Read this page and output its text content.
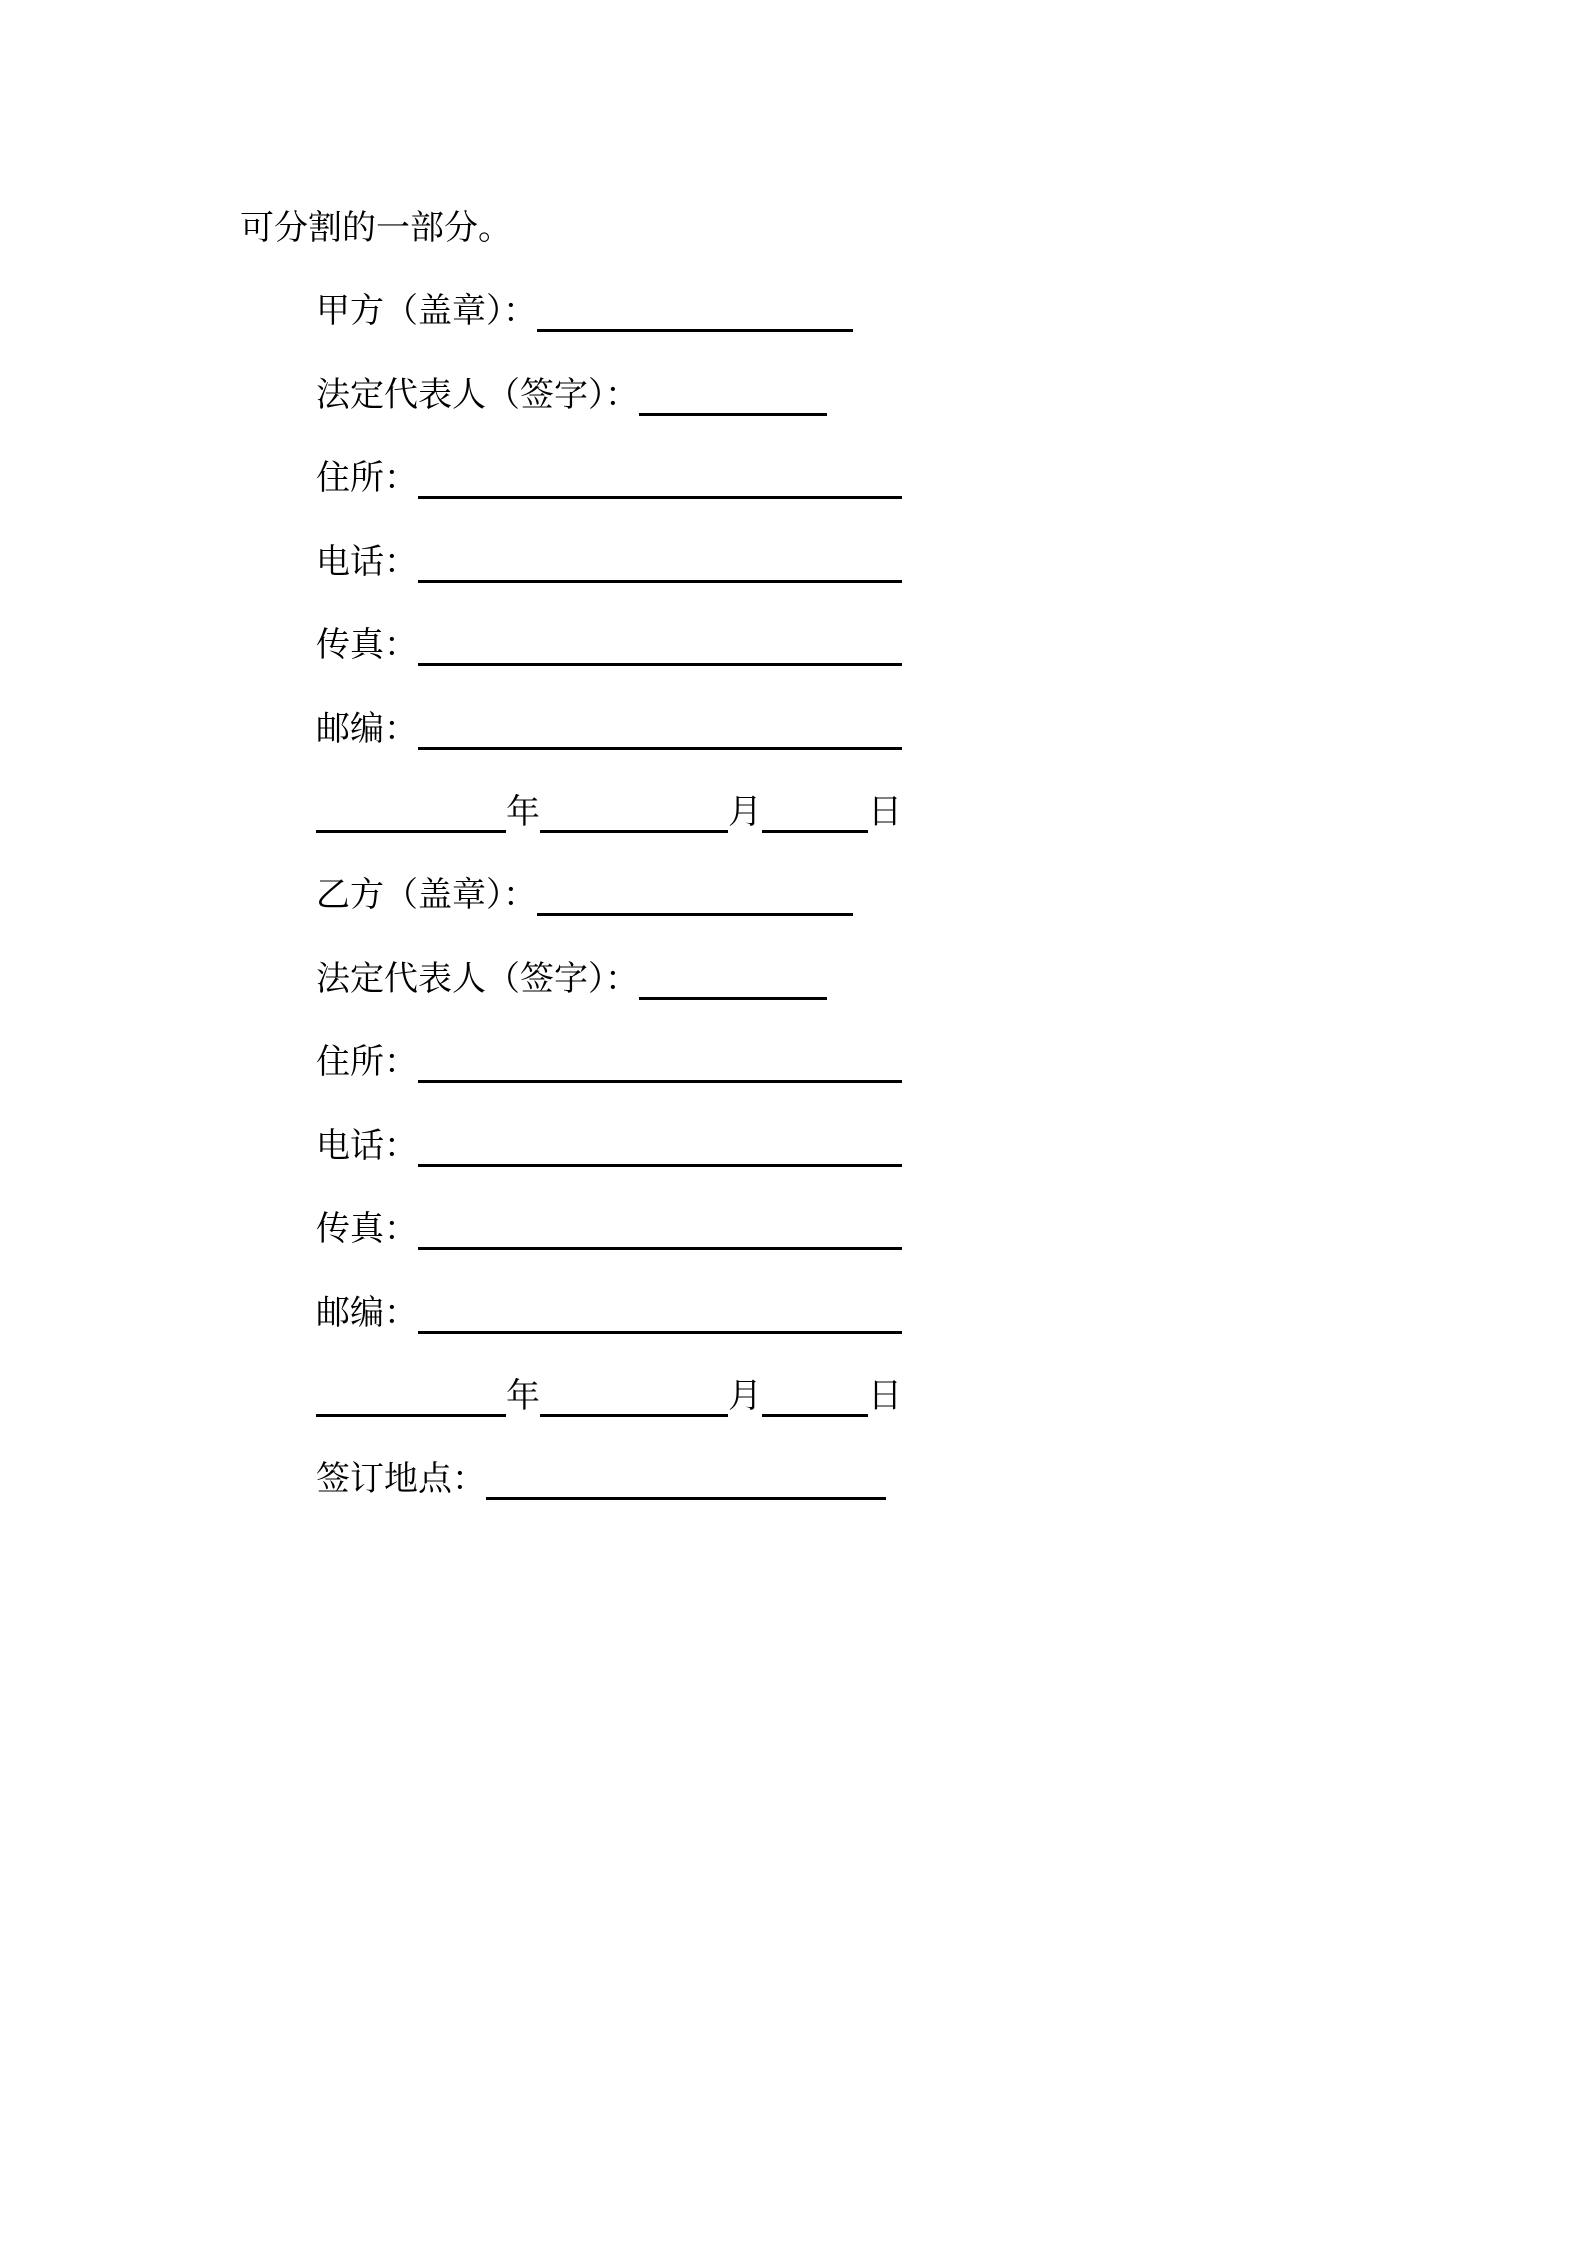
可分割的一部分。
甲方（盖章）：
法定代表人（签字）：
住所：
电话：
传真：
邮编：
年	月	日
乙方（盖章）：
法定代表人（签字）：
住所：
电话：
传真：
邮编：
年	月	日
签订地点：
